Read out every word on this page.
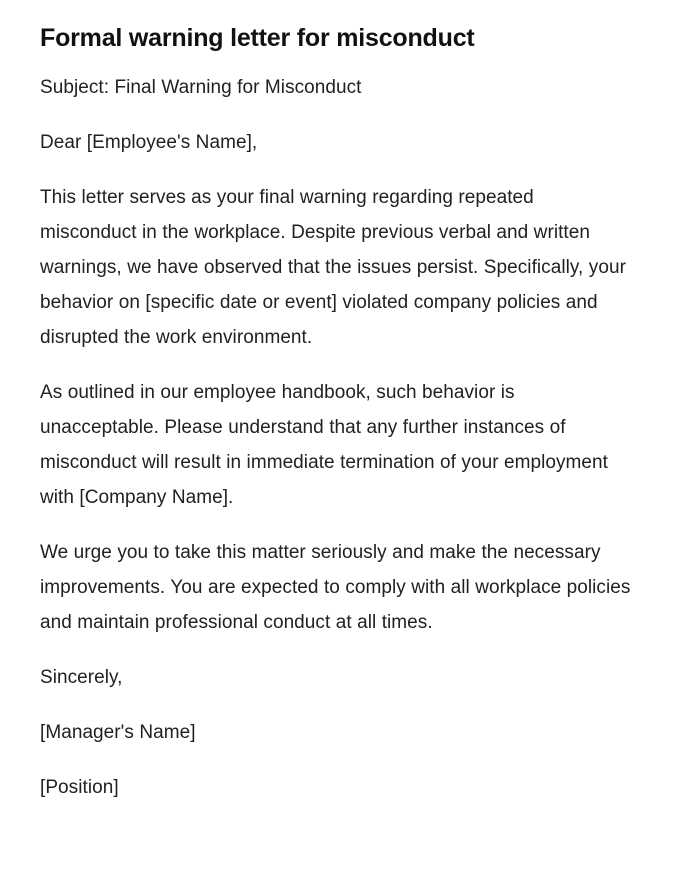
Formal warning letter for misconduct

Subject: Final Warning for Misconduct

Dear [Employee's Name],

This letter serves as your final warning regarding repeated misconduct in the workplace. Despite previous verbal and written warnings, we have observed that the issues persist. Specifically, your behavior on [specific date or event] violated company policies and disrupted the work environment.

As outlined in our employee handbook, such behavior is unacceptable. Please understand that any further instances of misconduct will result in immediate termination of your employment with [Company Name].

We urge you to take this matter seriously and make the necessary improvements. You are expected to comply with all workplace policies and maintain professional conduct at all times.

Sincerely,

[Manager's Name]

[Position]
